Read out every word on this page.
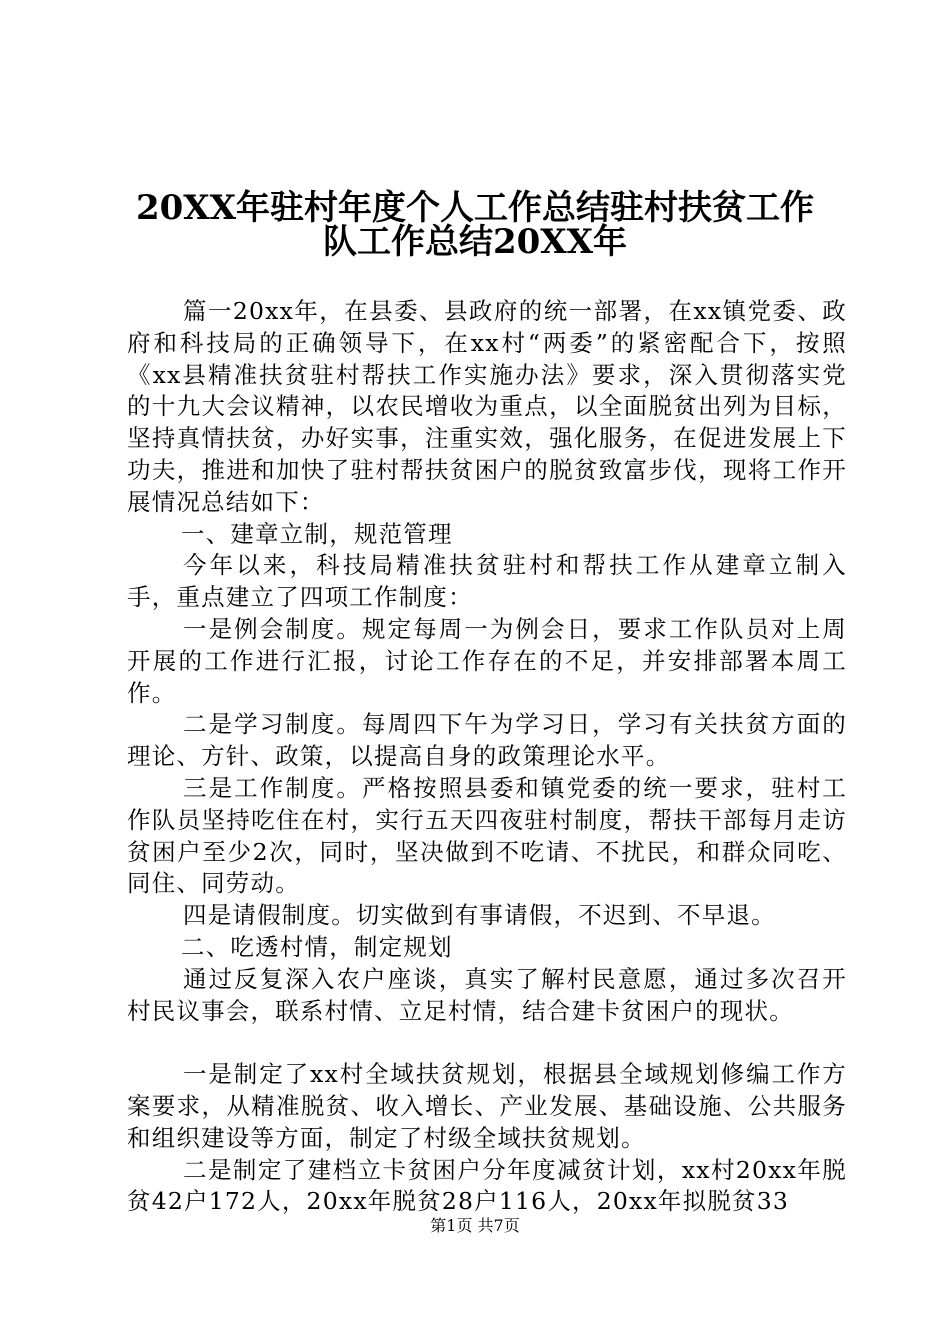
20XX年驻村年度个人工作总结驻村扶贫工作
队工作总结20XX年

篇一20xx年，在县委、县政府的统一部署，在xx镇党委、政府和科技局的正确领导下，在xx村“两委”的紧密配合下，按照《xx县精准扶贫驻村帮扶工作实施办法》要求，深入贯彻落实党的十九大会议精神，以农民增收为重点，以全面脱贫出列为目标，坚持真情扶贫，办好实事，注重实效，强化服务，在促进发展上下功夫，推进和加快了驻村帮扶贫困户的脱贫致富步伐，现将工作开展情况总结如下：

一、建章立制，规范管理

今年以来，科技局精准扶贫驻村和帮扶工作从建章立制入手，重点建立了四项工作制度：

一是例会制度。规定每周一为例会日，要求工作队员对上周开展的工作进行汇报，讨论工作存在的不足，并安排部署本周工作。

二是学习制度。每周四下午为学习日，学习有关扶贫方面的理论、方针、政策，以提高自身的政策理论水平。

三是工作制度。严格按照县委和镇党委的统一要求，驻村工作队员坚持吃住在村，实行五天四夜驻村制度，帮扶干部每月走访贫困户至少2次，同时，坚决做到不吃请、不扰民，和群众同吃、同住、同劳动。

四是请假制度。切实做到有事请假，不迟到、不早退。

二、吃透村情，制定规划

通过反复深入农户座谈，真实了解村民意愿，通过多次召开村民议事会，联系村情、立足村情，结合建卡贫困户的现状。

一是制定了xx村全域扶贫规划，根据县全域规划修编工作方案要求，从精准脱贫、收入增长、产业发展、基础设施、公共服务和组织建设等方面，制定了村级全域扶贫规划。

二是制定了建档立卡贫困户分年度减贫计划，xx村20xx年脱贫42户172人，20xx年脱贫28户116人，20xx年拟脱贫33

第1页 共7页
